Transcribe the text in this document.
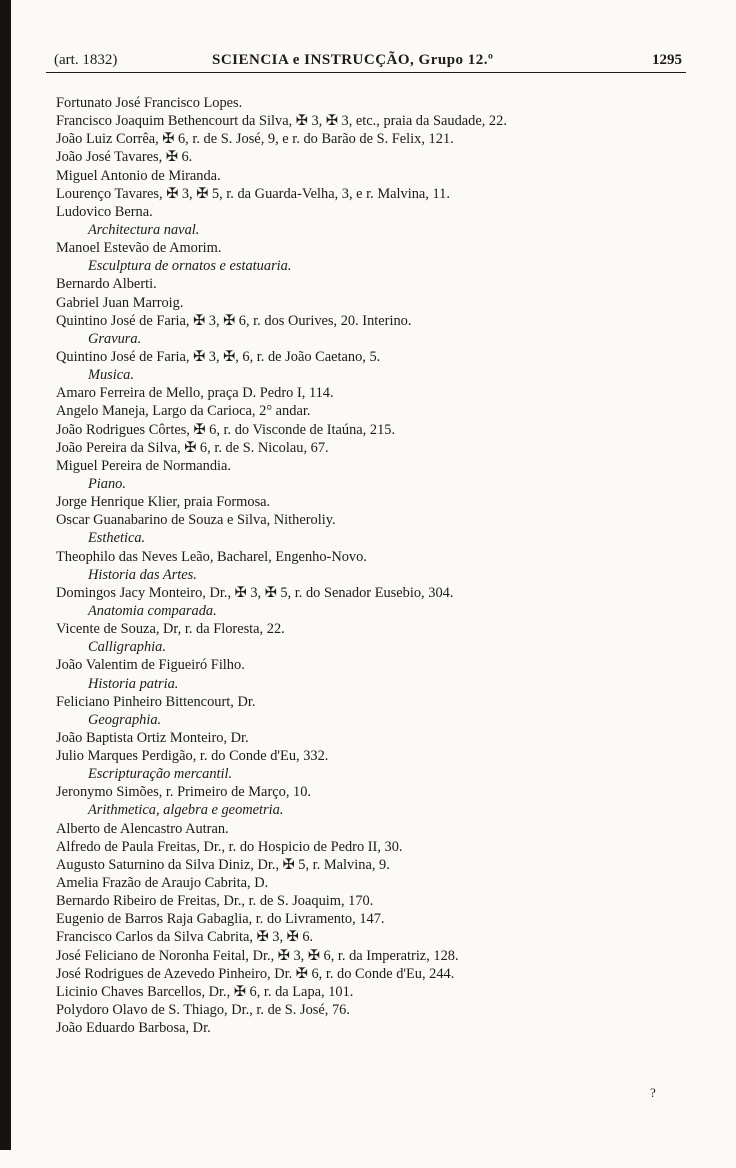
(art. 1832)	SCIENCIA e INSTRUCÇÃO, Grupo 12.º	1295
Fortunato José Francisco Lopes.
Francisco Joaquim Bethencourt da Silva, ✠ 3, ✠ 3, etc., praia da Saudade, 22.
João Luiz Corrêa, ✠ 6, r. de S. José, 9, e r. do Barão de S. Felix, 121.
João José Tavares, ✠ 6.
Miguel Antonio de Miranda.
Lourenço Tavares, ✠ 3, ✠ 5, r. da Guarda-Velha, 3, e r. Malvina, 11.
Ludovico Berna.
Architectura naval.
Manoel Estevão de Amorim.
Esculptura de ornatos e estatuaria.
Bernardo Alberti.
Gabriel Juan Marroig.
Quintino José de Faria, ✠ 3, ✠ 6, r. dos Ourives, 20. Interino.
Gravura.
Quintino José de Faria, ✠ 3, ✠, 6, r. de João Caetano, 5.
Musica.
Amaro Ferreira de Mello, praça D. Pedro I, 114.
Angelo Maneja, Largo da Carioca, 2° andar.
João Rodrigues Côrtes, ✠ 6, r. do Visconde de Itaúna, 215.
João Pereira da Silva, ✠ 6, r. de S. Nicolau, 67.
Miguel Pereira de Normandia.
Piano.
Jorge Henrique Klier, praia Formosa.
Oscar Guanabarino de Souza e Silva, Nitheroliy.
Esthetica.
Theophilo das Neves Leão, Bacharel, Engenho-Novo.
Historia das Artes.
Domingos Jacy Monteiro, Dr., ✠ 3, ✠ 5, r. do Senador Eusebio, 304.
Anatomia comparada.
Vicente de Souza, Dr, r. da Floresta, 22.
Calligraphia.
João Valentim de Figueiró Filho.
Historia patria.
Feliciano Pinheiro Bittencourt, Dr.
Geographia.
João Baptista Ortiz Monteiro, Dr.
Julio Marques Perdigão, r. do Conde d'Eu, 332.
Escripturação mercantil.
Jeronymo Simões, r. Primeiro de Março, 10.
Arithmetica, algebra e geometria.
Alberto de Alencastro Autran.
Alfredo de Paula Freitas, Dr., r. do Hospicio de Pedro II, 30.
Augusto Saturnino da Silva Diniz, Dr., ✠ 5, r. Malvina, 9.
Amelia Frazão de Araujo Cabrita, D.
Bernardo Ribeiro de Freitas, Dr., r. de S. Joaquim, 170.
Eugenio de Barros Raja Gabaglia, r. do Livramento, 147.
Francisco Carlos da Silva Cabrita, ✠ 3, ✠ 6.
José Feliciano de Noronha Feital, Dr., ✠ 3, ✠ 6, r. da Imperatriz, 128.
José Rodrigues de Azevedo Pinheiro, Dr. ✠ 6, r. do Conde d'Eu, 244.
Licinio Chaves Barcellos, Dr., ✠ 6, r. da Lapa, 101.
Polydoro Olavo de S. Thiago, Dr., r. de S. José, 76.
João Eduardo Barbosa, Dr.
?
